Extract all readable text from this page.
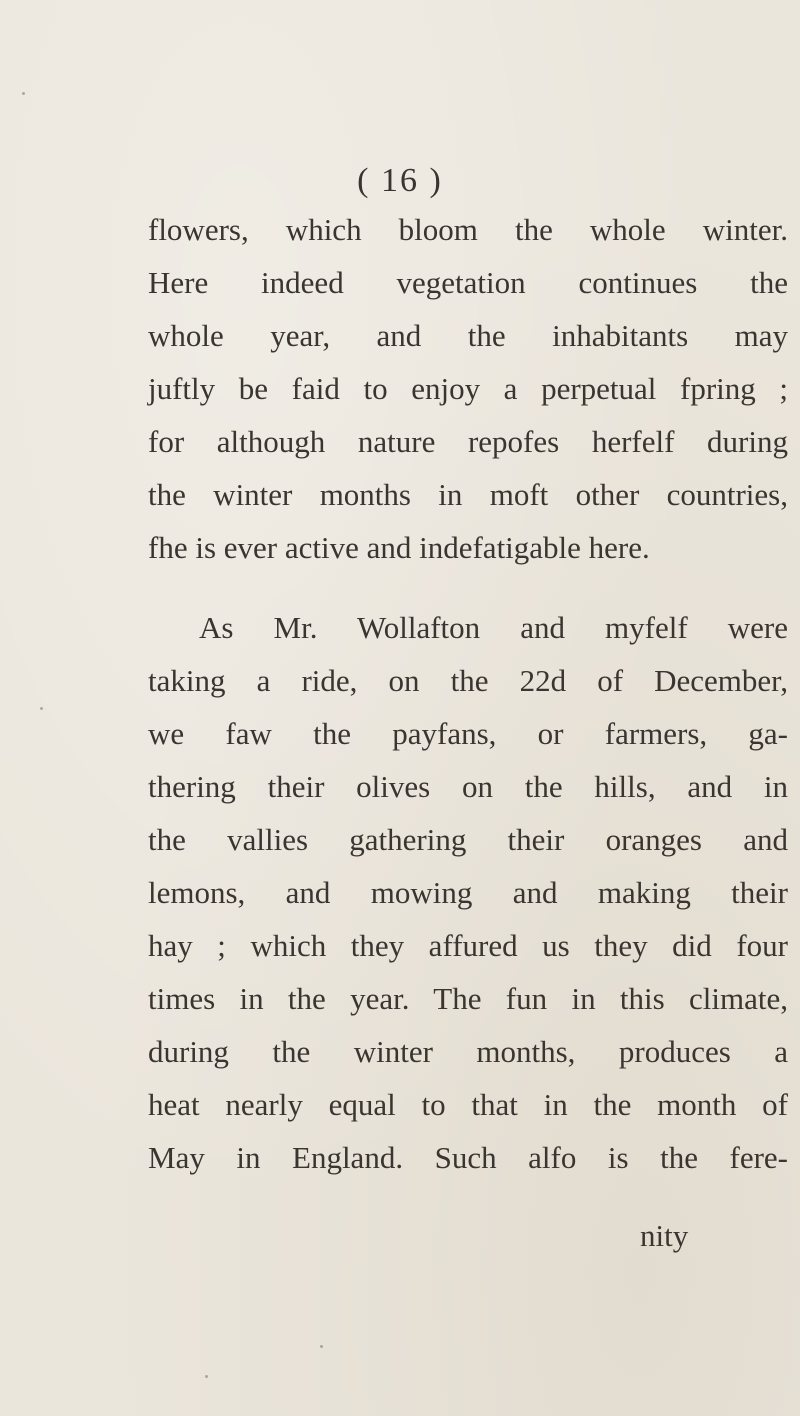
( 16 )
flowers, which bloom the whole winter.
Here indeed vegetation continues the
whole year, and the inhabitants may
juftly be faid to enjoy a perpetual fpring ;
for although nature repofes herfelf during
the winter months in moft other countries,
fhe is ever active and indefatigable here.
As Mr. Wollafton and myfelf were
taking a ride, on the 22d of December,
we faw the payfans, or farmers, ga-
thering their olives on the hills, and in
the vallies gathering their oranges and
lemons, and mowing and making their
hay ; which they affured us they did four
times in the year. The fun in this climate,
during the winter months, produces a
heat nearly equal to that in the month of
May in England. Such alfo is the fere-
nity
